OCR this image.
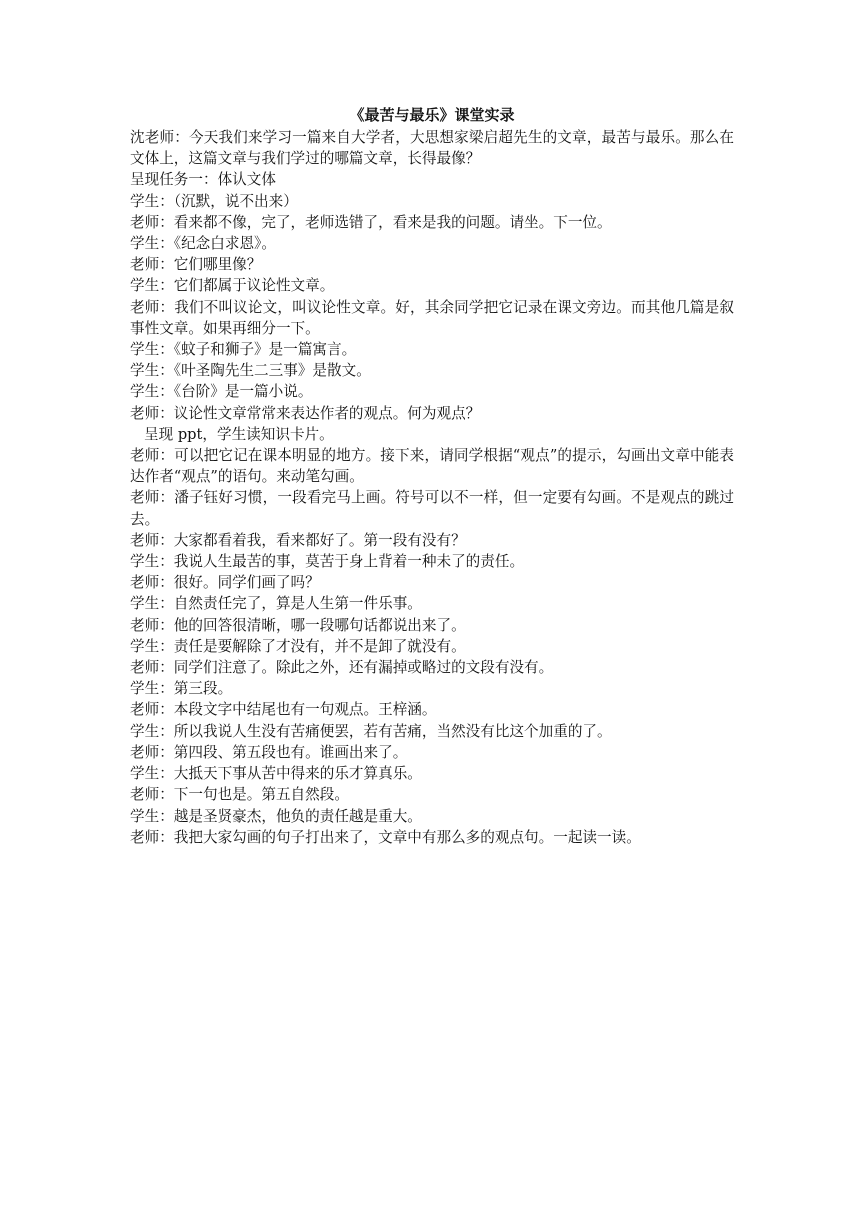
《最苦与最乐》课堂实录

沈老师：今天我们来学习一篇来自大学者，大思想家梁启超先生的文章，最苦与最乐。那么在文体上，这篇文章与我们学过的哪篇文章，长得最像？

呈现任务一：体认文体

学生：（沉默，说不出来）

老师：看来都不像，完了，老师选错了，看来是我的问题。请坐。下一位。

学生：《纪念白求恩》。

老师：它们哪里像？

学生：它们都属于议论性文章。

老师：我们不叫议论文，叫议论性文章。好，其余同学把它记录在课文旁边。而其他几篇是叙事性文章。如果再细分一下。

学生：《蚊子和狮子》是一篇寓言。

学生：《叶圣陶先生二三事》是散文。

学生：《台阶》是一篇小说。

老师：议论性文章常常来表达作者的观点。何为观点？

呈现 ppt，学生读知识卡片。

老师：可以把它记在课本明显的地方。接下来，请同学根据“观点”的提示，勾画出文章中能表达作者“观点”的语句。来动笔勾画。

老师：潘子钰好习惯，一段看完马上画。符号可以不一样，但一定要有勾画。不是观点的跳过去。

老师：大家都看着我，看来都好了。第一段有没有？

学生：我说人生最苦的事，莫苦于身上背着一种未了的责任。

老师：很好。同学们画了吗？

学生：自然责任完了，算是人生第一件乐事。

老师：他的回答很清晰，哪一段哪句话都说出来了。

学生：责任是要解除了才没有，并不是卸了就没有。

老师：同学们注意了。除此之外，还有漏掉或略过的文段有没有。

学生：第三段。

老师：本段文字中结尾也有一句观点。王梓涵。

学生：所以我说人生没有苦痛便罢，若有苦痛，当然没有比这个加重的了。

老师：第四段、第五段也有。谁画出来了。

学生：大抵天下事从苦中得来的乐才算真乐。

老师：下一句也是。第五自然段。

学生：越是圣贤豪杰，他负的责任越是重大。

老师：我把大家勾画的句子打出来了，文章中有那么多的观点句。一起读一读。
